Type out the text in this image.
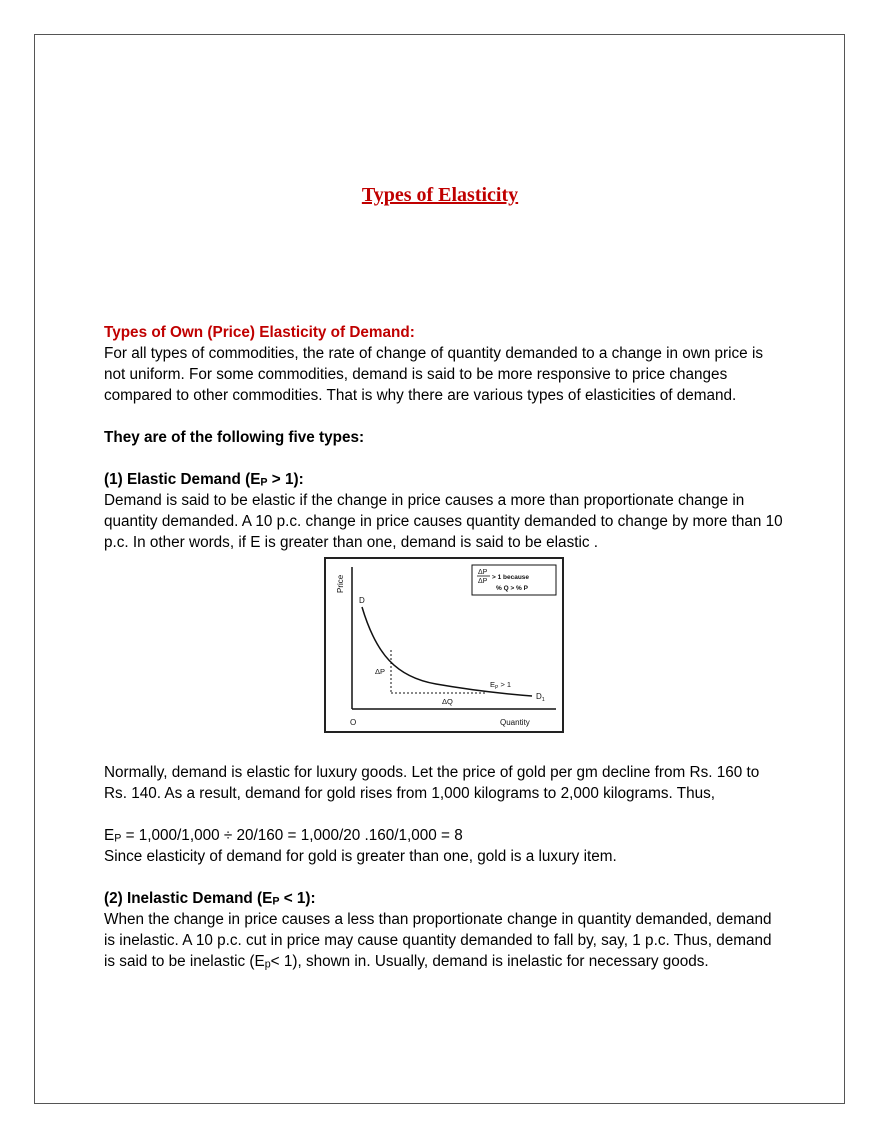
Types of Elasticity

Types of Own (Price) Elasticity of Demand:

For all types of commodities, the rate of change of quantity demanded to a change in own price is not uniform. For some commodities, demand is said to be more responsive to price changes compared to other commodities. That is why there are various types of elasticities of demand.

They are of the following five types:

(1) Elastic Demand $(E_P > 1)$:

Demand is said to be elastic if the change in price causes a more than proportionate change in quantity demanded. A 10 p.c. change in price causes quantity demanded to change by more than 10 p.c. In other words, if E is greater than one, demand is said to be elastic .

Price
Quantity
O
D
$D_1$
ΔP
ΔQ
$E_P > 1$
ΔP
ΔP
> 1 because
% Q > % P

Normally, demand is elastic for luxury goods. Let the price of gold per gm decline from Rs. 160 to Rs. 140. As a result, demand for gold rises from 1,000 kilograms to 2,000 kilograms. Thus,

$E_P = 1,000/1,000 \div 20/160 = 1,000/20$ .160/1,000 = 8

Since elasticity of demand for gold is greater than one, gold is a luxury item.

(2) Inelastic Demand $(E_P < 1)$:

When the change in price causes a less than proportionate change in quantity demanded, demand is inelastic. A 10 p.c. cut in price may cause quantity demanded to fall by, say, 1 p.c. Thus, demand is said to be inelastic $(E_p< 1)$, shown in. Usually, demand is inelastic for necessary goods.
